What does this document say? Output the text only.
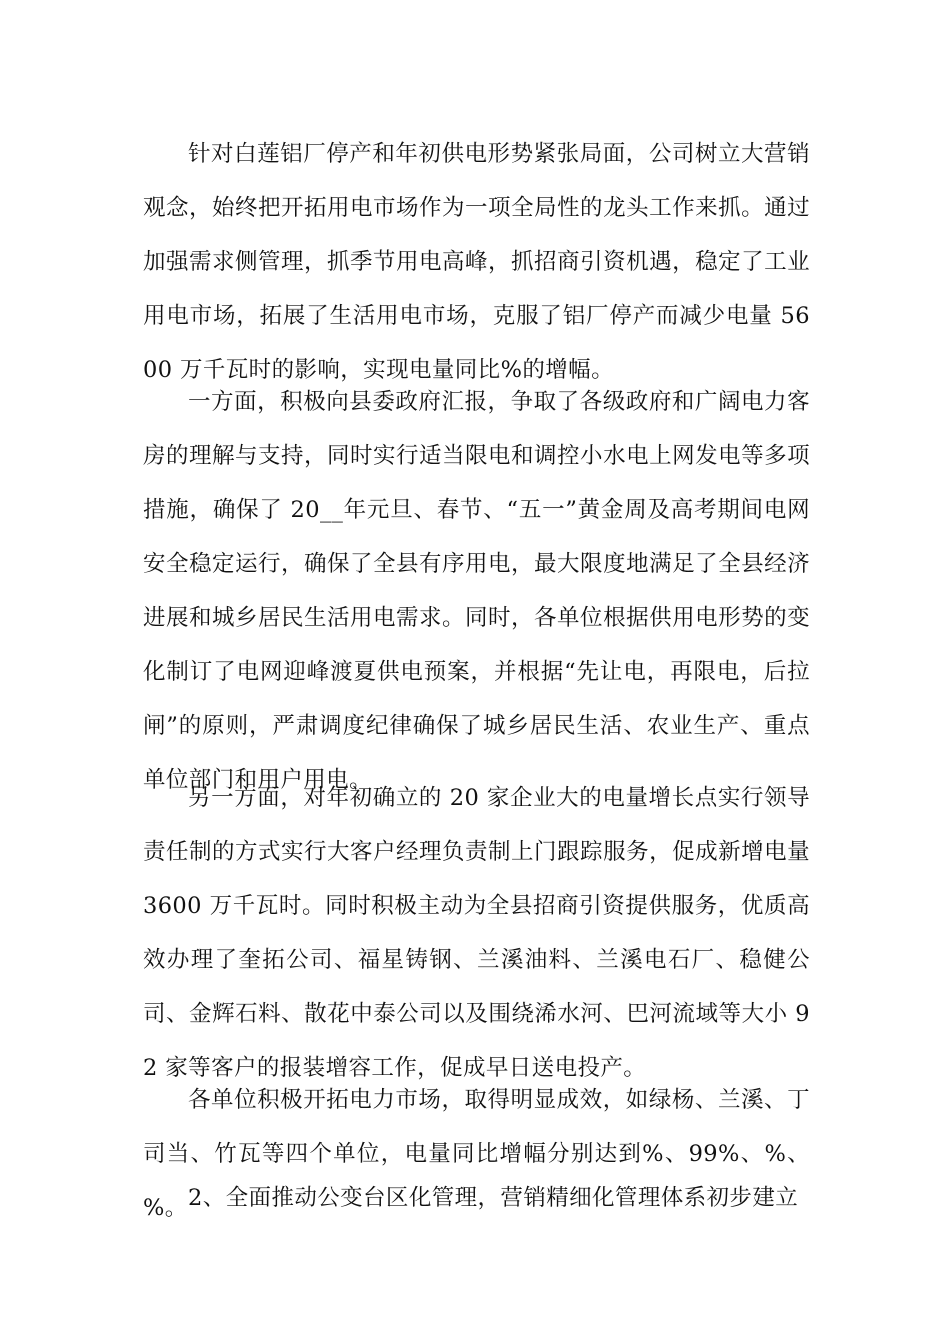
针对白莲铝厂停产和年初供电形势紧张局面，公司树立大营销观念，始终把开拓用电市场作为一项全局性的龙头工作来抓。通过加强需求侧管理，抓季节用电高峰，抓招商引资机遇，稳定了工业用电市场，拓展了生活用电市场，克服了铝厂停产而减少电量 5600 万千瓦时的影响，实现电量同比%的增幅。

一方面，积极向县委政府汇报，争取了各级政府和广阔电力客房的理解与支持，同时实行适当限电和调控小水电上网发电等多项措施，确保了 20__年元旦、春节、“五一”黄金周及高考期间电网安全稳定运行，确保了全县有序用电，最大限度地满足了全县经济进展和城乡居民生活用电需求。同时，各单位根据供用电形势的变化制订了电网迎峰渡夏供电预案，并根据“先让电，再限电，后拉闸”的原则，严肃调度纪律确保了城乡居民生活、农业生产、重点单位部门和用户用电。

另一方面，对年初确立的 20 家企业大的电量增长点实行领导责任制的方式实行大客户经理负责制上门跟踪服务，促成新增电量3600 万千瓦时。同时积极主动为全县招商引资提供服务，优质高效办理了奎拓公司、福星铸钢、兰溪油料、兰溪电石厂、稳健公司、金辉石料、散花中泰公司以及围绕浠水河、巴河流域等大小 92 家等客户的报装增容工作，促成早日送电投产。

各单位积极开拓电力市场，取得明显成效，如绿杨、兰溪、丁司当、竹瓦等四个单位，电量同比增幅分别达到%、99%、%、%。 2、全面推动公变台区化管理，营销精细化管理体系初步建立
